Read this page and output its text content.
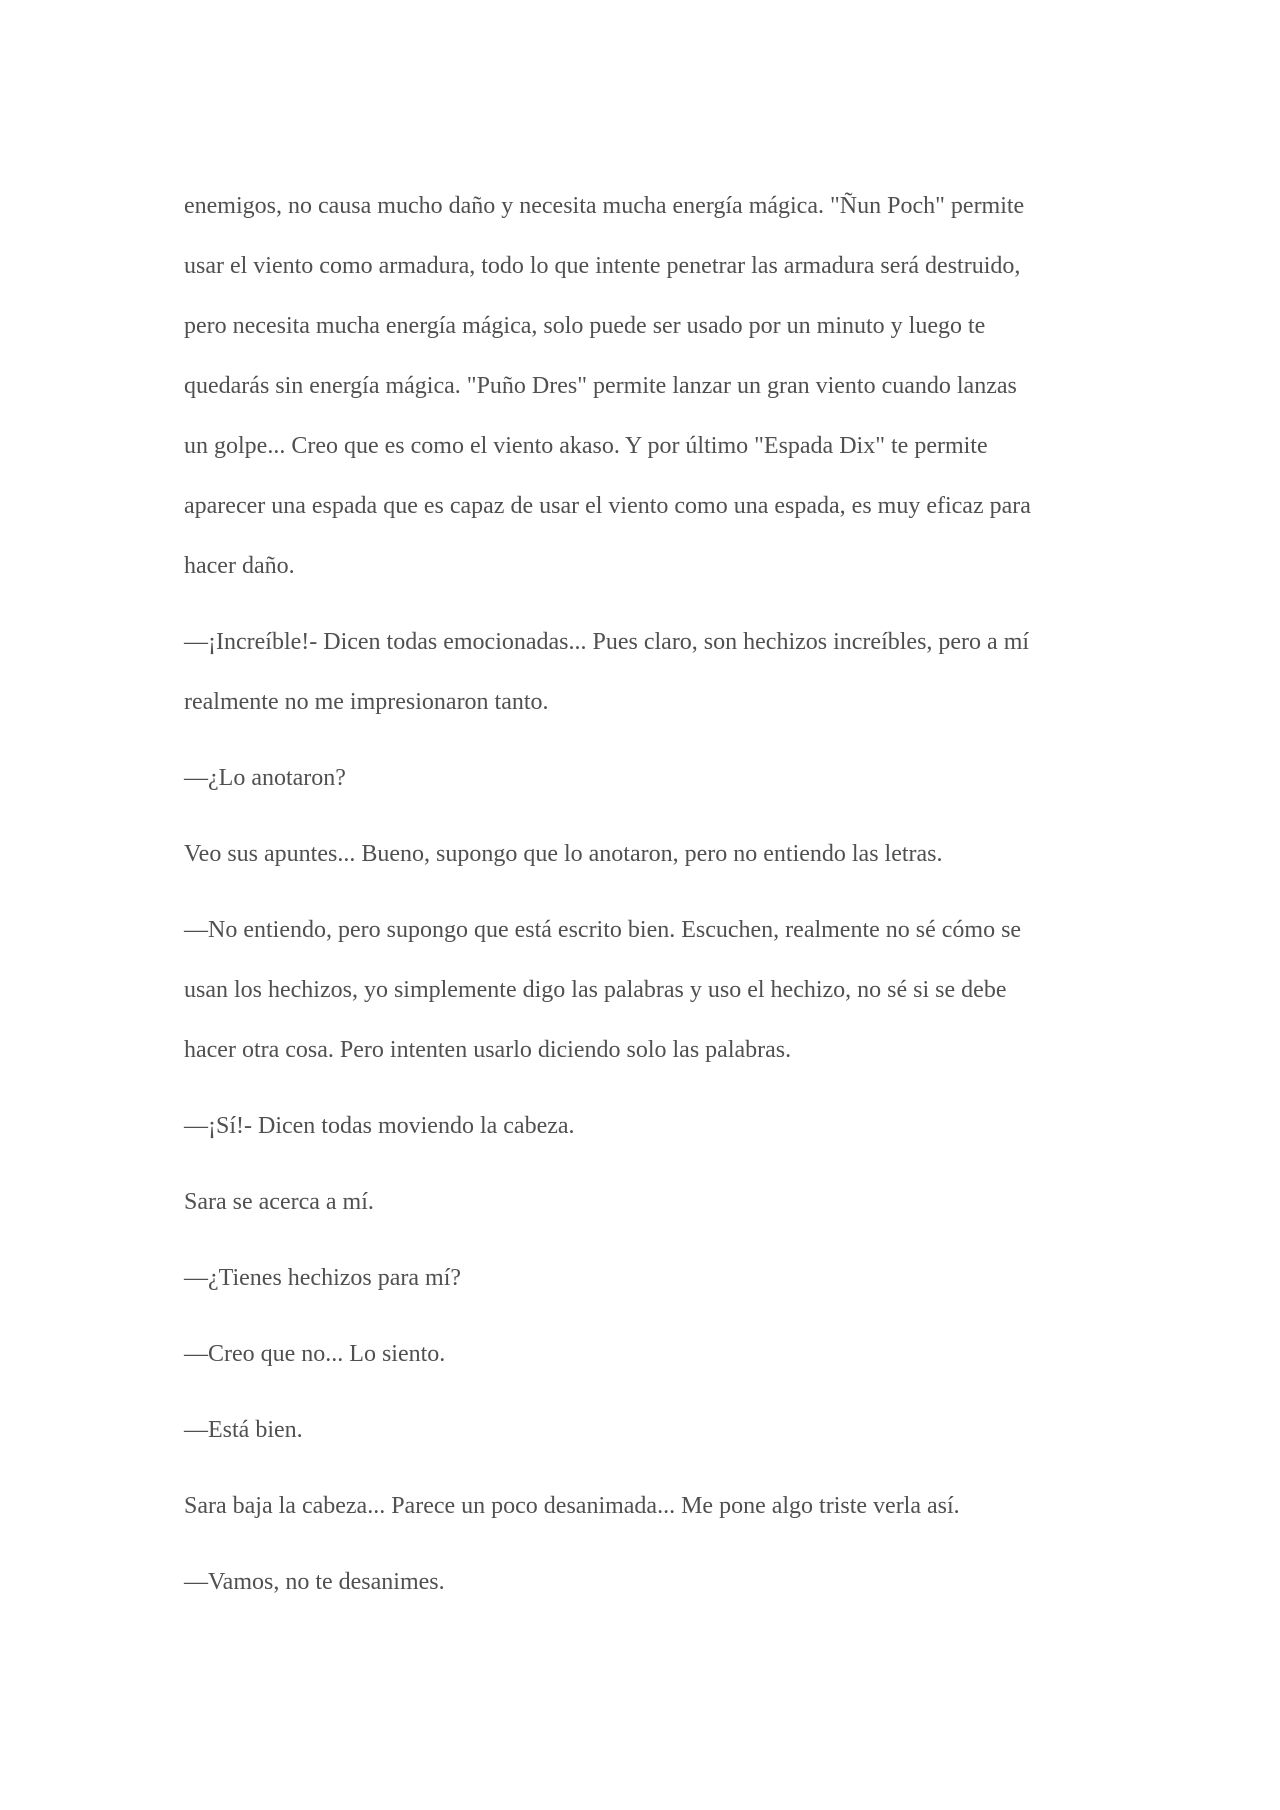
enemigos, no causa mucho daño y necesita mucha energía mágica. "Ñun Poch" permite
usar el viento como armadura, todo lo que intente penetrar las armadura será destruido,
pero necesita mucha energía mágica, solo puede ser usado por un minuto y luego te
quedarás sin energía mágica. "Puño Dres" permite lanzar un gran viento cuando lanzas
un golpe... Creo que es como el viento akaso. Y por último "Espada Dix" te permite
aparecer una espada que es capaz de usar el viento como una espada, es muy eficaz para
hacer daño.

—¡Increíble!- Dicen todas emocionadas... Pues claro, son hechizos increíbles, pero a mí
realmente no me impresionaron tanto.

—¿Lo anotaron?

Veo sus apuntes... Bueno, supongo que lo anotaron, pero no entiendo las letras.

—No entiendo, pero supongo que está escrito bien. Escuchen, realmente no sé cómo se
usan los hechizos, yo simplemente digo las palabras y uso el hechizo, no sé si se debe
hacer otra cosa. Pero intenten usarlo diciendo solo las palabras.

—¡Sí!- Dicen todas moviendo la cabeza.

Sara se acerca a mí.

—¿Tienes hechizos para mí?

—Creo que no... Lo siento.

—Está bien.

Sara baja la cabeza... Parece un poco desanimada... Me pone algo triste verla así.

—Vamos, no te desanimes.
